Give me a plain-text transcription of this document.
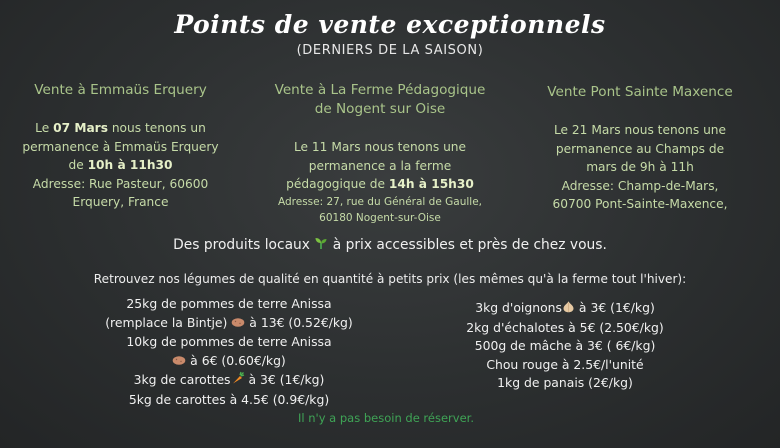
Points de vente exceptionnels
(DERNIERS DE LA SAISON)
Vente à Emmaüs Erquery
Le 07 Mars nous tenons un
permanence à Emmaüs Erquery
de 10h à 11h30
Adresse: Rue Pasteur, 60600
Erquery, France
Vente à La Ferme Pédagogique
de Nogent sur Oise
Le 11 Mars nous tenons une
permanence a la ferme
pédagogique de 14h à 15h30
Adresse: 27, rue du Général de Gaulle,
60180 Nogent-sur-Oise
Vente Pont Sainte Maxence
Le 21 Mars nous tenons une
permanence au Champs de
mars de 9h à 11h
Adresse: Champ-de-Mars,
60700 Pont-Sainte-Maxence,
Des produits locaux à prix accessibles et près de chez vous.
Retrouvez nos légumes de qualité en quantité à petits prix (les mêmes qu'à la ferme tout l'hiver):
25kg de pommes de terre Anissa
(remplace la Bintje) à 13€ (0.52€/kg)
10kg de pommes de terre Anissa
à 6€ (0.60€/kg)
3kg de carottes à 3€ (1€/kg)
5kg de carottes à 4.5€ (0.9€/kg)
3kg d'oignons à 3€ (1€/kg)
2kg d'échalotes à 5€ (2.50€/kg)
500g de mâche à 3€ ( 6€/kg)
Chou rouge à 2.5€/l'unité
1kg de panais (2€/kg)
Il n'y a pas besoin de réserver.
